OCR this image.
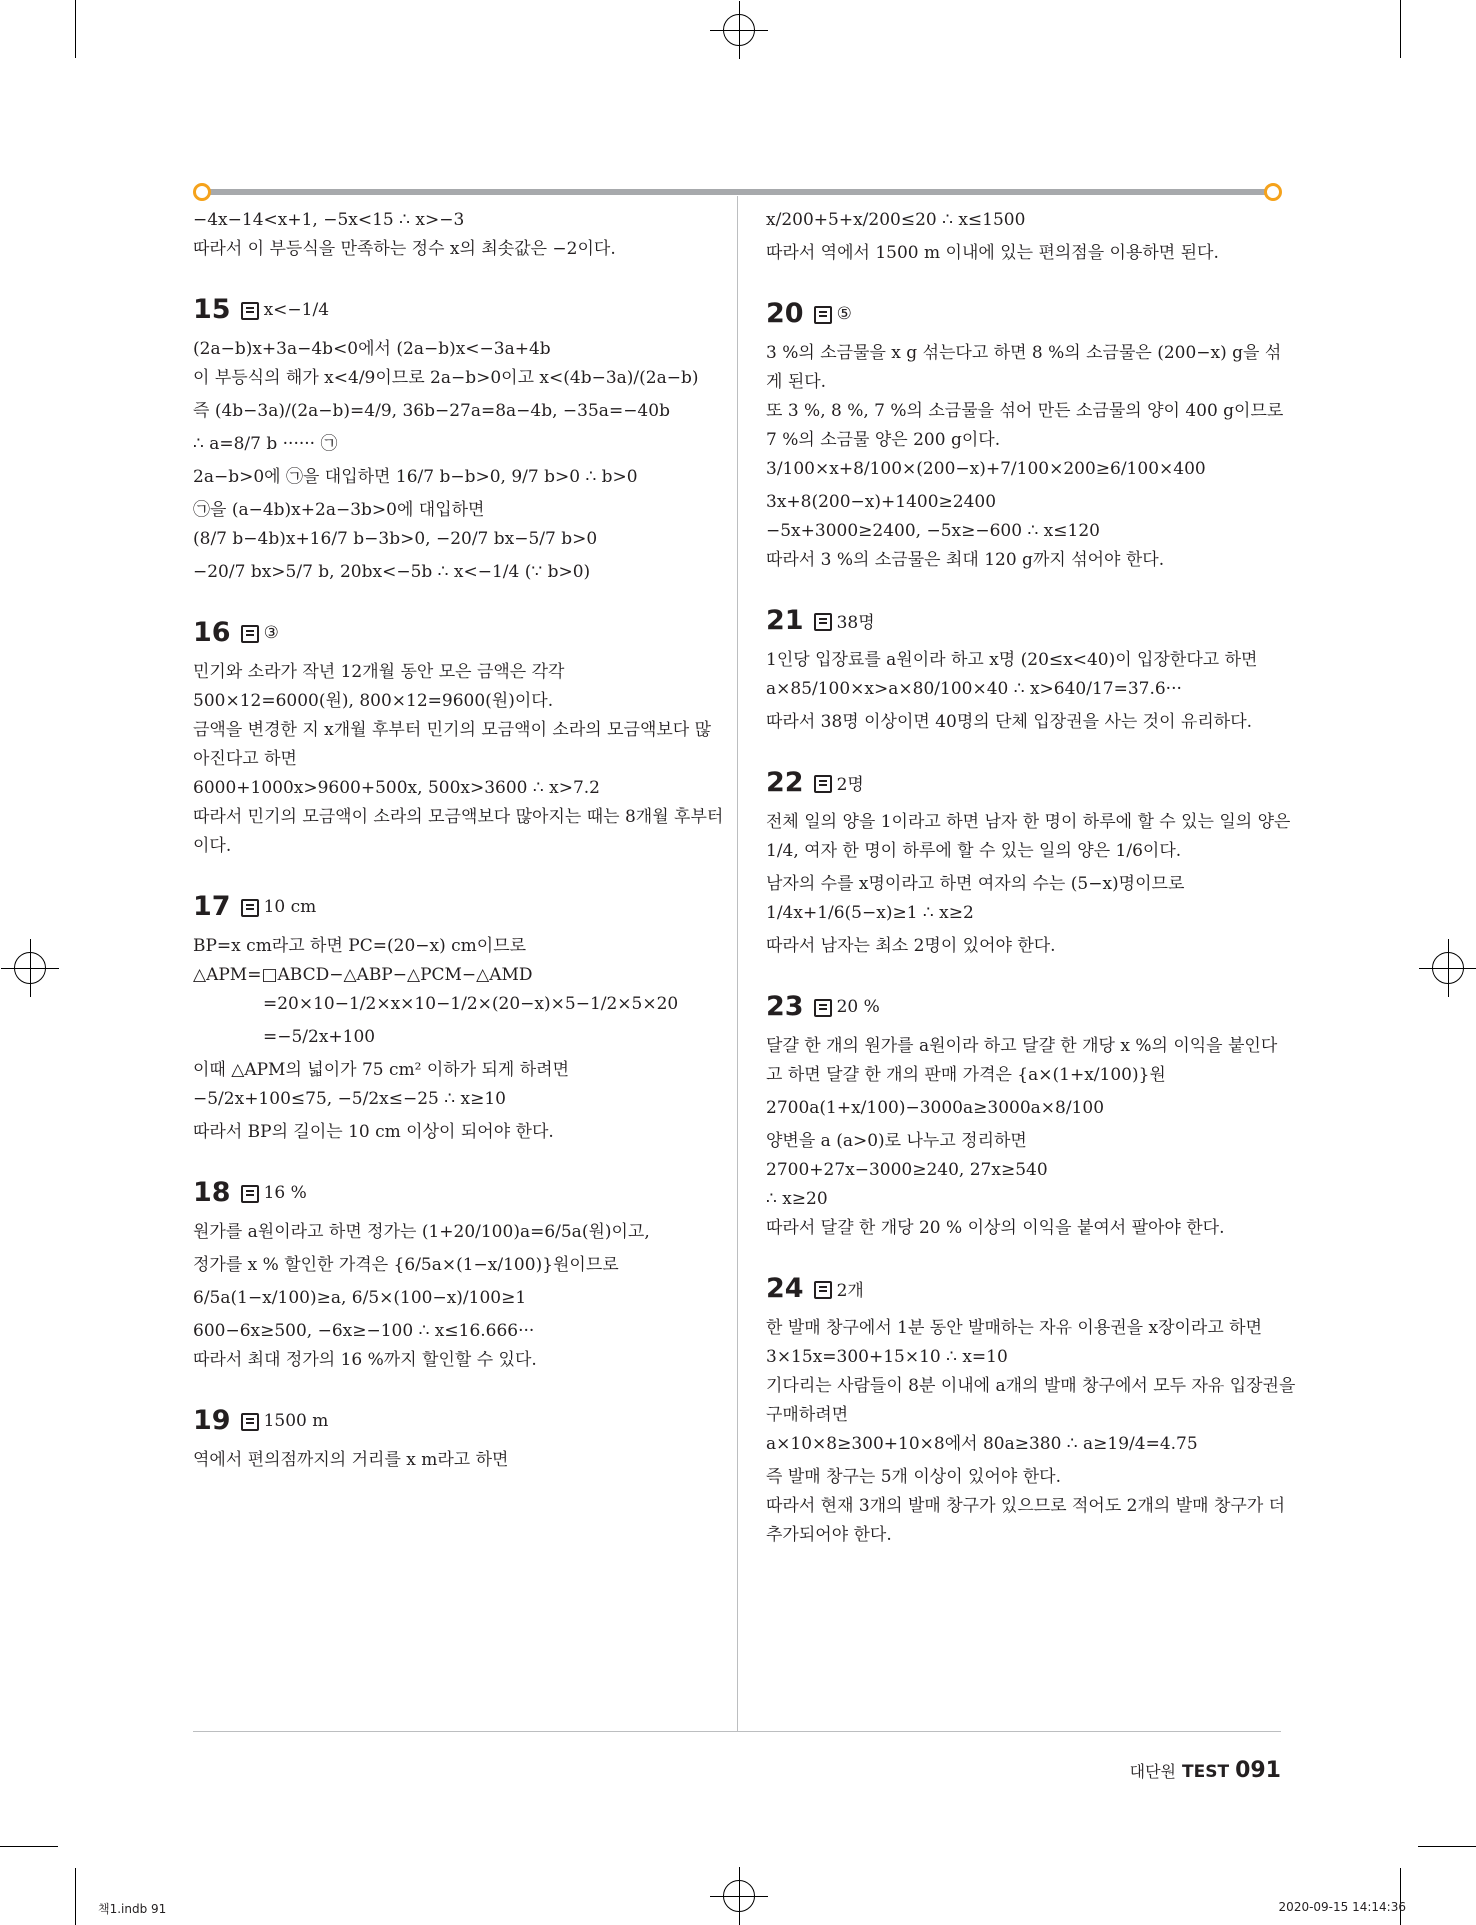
−4x−14<x+1, −5x<15 ∴ x>−3

따라서 이 부등식을 만족하는 정수 x의 최솟값은 −2이다.

15 x<−1/4

(2a−b)x+3a−4b<0에서 (2a−b)x<−3a+4b

이 부등식의 해가 x<4/9이므로 2a−b>0이고 x<(4b−3a)/(2a−b)

즉 (4b−3a)/(2a−b)=4/9, 36b−27a=8a−4b, −35a=−40b

∴ a=8/7 b ······ ㉠

2a−b>0에 ㉠을 대입하면 16/7 b−b>0, 9/7 b>0 ∴ b>0

㉠을 (a−4b)x+2a−3b>0에 대입하면

(8/7 b−4b)x+16/7 b−3b>0, −20/7 bx−5/7 b>0

−20/7 bx>5/7 b, 20bx<−5b ∴ x<−1/4 (∵ b>0)

16 ③

민기와 소라가 작년 12개월 동안 모은 금액은 각각

500×12=6000(원), 800×12=9600(원)이다.

금액을 변경한 지 x개월 후부터 민기의 모금액이 소라의 모금액보다 많

아진다고 하면

6000+1000x>9600+500x, 500x>3600 ∴ x>7.2

따라서 민기의 모금액이 소라의 모금액보다 많아지는 때는 8개월 후부터

이다.

17 10 cm

BP=x cm라고 하면 PC=(20−x) cm이므로

△APM=□ABCD−△ABP−△PCM−△AMD

=20×10−1/2×x×10−1/2×(20−x)×5−1/2×5×20

=−5/2x+100

이때 △APM의 넓이가 75 cm² 이하가 되게 하려면

−5/2x+100≤75, −5/2x≤−25 ∴ x≥10

따라서 BP의 길이는 10 cm 이상이 되어야 한다.

18 16 %

원가를 a원이라고 하면 정가는 (1+20/100)a=6/5a(원)이고,

정가를 x % 할인한 가격은 {6/5a×(1−x/100)}원이므로

6/5a(1−x/100)≥a, 6/5×(100−x)/100≥1

600−6x≥500, −6x≥−100 ∴ x≤16.666···

따라서 최대 정가의 16 %까지 할인할 수 있다.

19 1500 m

역에서 편의점까지의 거리를 x m라고 하면

x/200+5+x/200≤20 ∴ x≤1500

따라서 역에서 1500 m 이내에 있는 편의점을 이용하면 된다.

20 ⑤

3 %의 소금물을 x g 섞는다고 하면 8 %의 소금물은 (200−x) g을 섞

게 된다.

또 3 %, 8 %, 7 %의 소금물을 섞어 만든 소금물의 양이 400 g이므로

7 %의 소금물 양은 200 g이다.

3/100×x+8/100×(200−x)+7/100×200≥6/100×400

3x+8(200−x)+1400≥2400

−5x+3000≥2400, −5x≥−600 ∴ x≤120

따라서 3 %의 소금물은 최대 120 g까지 섞어야 한다.

21 38명

1인당 입장료를 a원이라 하고 x명 (20≤x<40)이 입장한다고 하면

a×85/100×x>a×80/100×40 ∴ x>640/17=37.6···

따라서 38명 이상이면 40명의 단체 입장권을 사는 것이 유리하다.

22 2명

전체 일의 양을 1이라고 하면 남자 한 명이 하루에 할 수 있는 일의 양은

1/4, 여자 한 명이 하루에 할 수 있는 일의 양은 1/6이다.

남자의 수를 x명이라고 하면 여자의 수는 (5−x)명이므로

1/4x+1/6(5−x)≥1 ∴ x≥2

따라서 남자는 최소 2명이 있어야 한다.

23 20 %

달걀 한 개의 원가를 a원이라 하고 달걀 한 개당 x %의 이익을 붙인다

고 하면 달걀 한 개의 판매 가격은 {a×(1+x/100)}원

2700a(1+x/100)−3000a≥3000a×8/100

양변을 a (a>0)로 나누고 정리하면

2700+27x−3000≥240, 27x≥540

∴ x≥20

따라서 달걀 한 개당 20 % 이상의 이익을 붙여서 팔아야 한다.

24 2개

한 발매 창구에서 1분 동안 발매하는 자유 이용권을 x장이라고 하면

3×15x=300+15×10 ∴ x=10

기다리는 사람들이 8분 이내에 a개의 발매 창구에서 모두 자유 입장권을

구매하려면

a×10×8≥300+10×8에서 80a≥380 ∴ a≥19/4=4.75

즉 발매 창구는 5개 이상이 있어야 한다.

따라서 현재 3개의 발매 창구가 있으므로 적어도 2개의 발매 창구가 더

추가되어야 한다.

대단원 TEST 091
책1.indb 91	2020-09-15 14:14:36
